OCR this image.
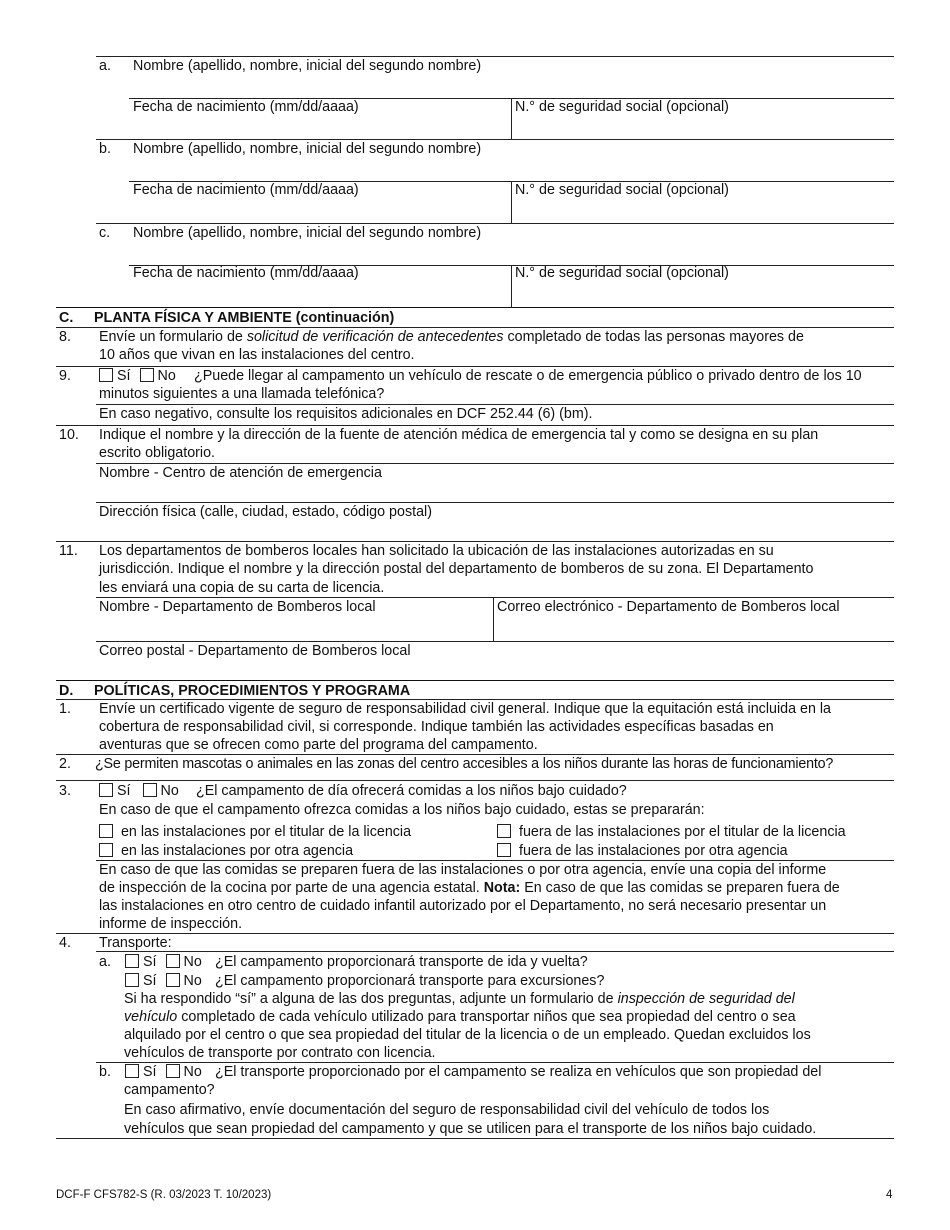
a. Nombre (apellido, nombre, inicial del segundo nombre)
Fecha de nacimiento (mm/dd/aaaa)	N.° de seguridad social (opcional)
b. Nombre (apellido, nombre, inicial del segundo nombre)
Fecha de nacimiento (mm/dd/aaaa)	N.° de seguridad social (opcional)
c. Nombre (apellido, nombre, inicial del segundo nombre)
Fecha de nacimiento (mm/dd/aaaa)	N.° de seguridad social (opcional)
C. PLANTA FÍSICA Y AMBIENTE (continuación)
8. Envíe un formulario de solicitud de verificación de antecedentes completado de todas las personas mayores de
10 años que vivan en las instalaciones del centro.
9.	Sí No ¿Puede llegar al campamento un vehículo de rescate o de emergencia público o privado dentro de los 10
minutos siguientes a una llamada telefónica?
En caso negativo, consulte los requisitos adicionales en DCF 252.44 (6) (bm).
10. Indique el nombre y la dirección de la fuente de atención médica de emergencia tal y como se designa en su plan
escrito obligatorio.
Nombre - Centro de atención de emergencia
Dirección física (calle, ciudad, estado, código postal)
11. Los departamentos de bomberos locales han solicitado la ubicación de las instalaciones autorizadas en su
jurisdicción. Indique el nombre y la dirección postal del departamento de bomberos de su zona. El Departamento
les enviará una copia de su carta de licencia.
Nombre - Departamento de Bomberos local	Correo electrónico - Departamento de Bomberos local
Correo postal - Departamento de Bomberos local
D. POLÍTICAS, PROCEDIMIENTOS Y PROGRAMA
1. Envíe un certificado vigente de seguro de responsabilidad civil general. Indique que la equitación está incluida en la
cobertura de responsabilidad civil, si corresponde. Indique también las actividades específicas basadas en
aventuras que se ofrecen como parte del programa del campamento.
2. ¿Se permiten mascotas o animales en las zonas del centro accesibles a los niños durante las horas de funcionamiento?
3.	Sí No ¿El campamento de día ofrecerá comidas a los niños bajo cuidado?
En caso de que el campamento ofrezca comidas a los niños bajo cuidado, estas se prepararán:
en las instalaciones por el titular de la licencia	fuera de las instalaciones por el titular de la licencia
en las instalaciones por otra agencia	fuera de las instalaciones por otra agencia
En caso de que las comidas se preparen fuera de las instalaciones o por otra agencia, envíe una copia del informe
de inspección de la cocina por parte de una agencia estatal. Nota: En caso de que las comidas se preparen fuera de
las instalaciones en otro centro de cuidado infantil autorizado por el Departamento, no será necesario presentar un
informe de inspección.
4. Transporte:
a.	Sí No ¿El campamento proporcionará transporte de ida y vuelta?
Sí No ¿El campamento proporcionará transporte para excursiones?
Si ha respondido “sí” a alguna de las dos preguntas, adjunte un formulario de inspección de seguridad del
vehículo completado de cada vehículo utilizado para transportar niños que sea propiedad del centro o sea
alquilado por el centro o que sea propiedad del titular de la licencia o de un empleado. Quedan excluidos los
vehículos de transporte por contrato con licencia.
b.	Sí No ¿El transporte proporcionado por el campamento se realiza en vehículos que son propiedad del
campamento?
En caso afirmativo, envíe documentación del seguro de responsabilidad civil del vehículo de todos los
vehículos que sean propiedad del campamento y que se utilicen para el transporte de los niños bajo cuidado.
DCF-F CFS782-S (R. 03/2023 T. 10/2023)	4
